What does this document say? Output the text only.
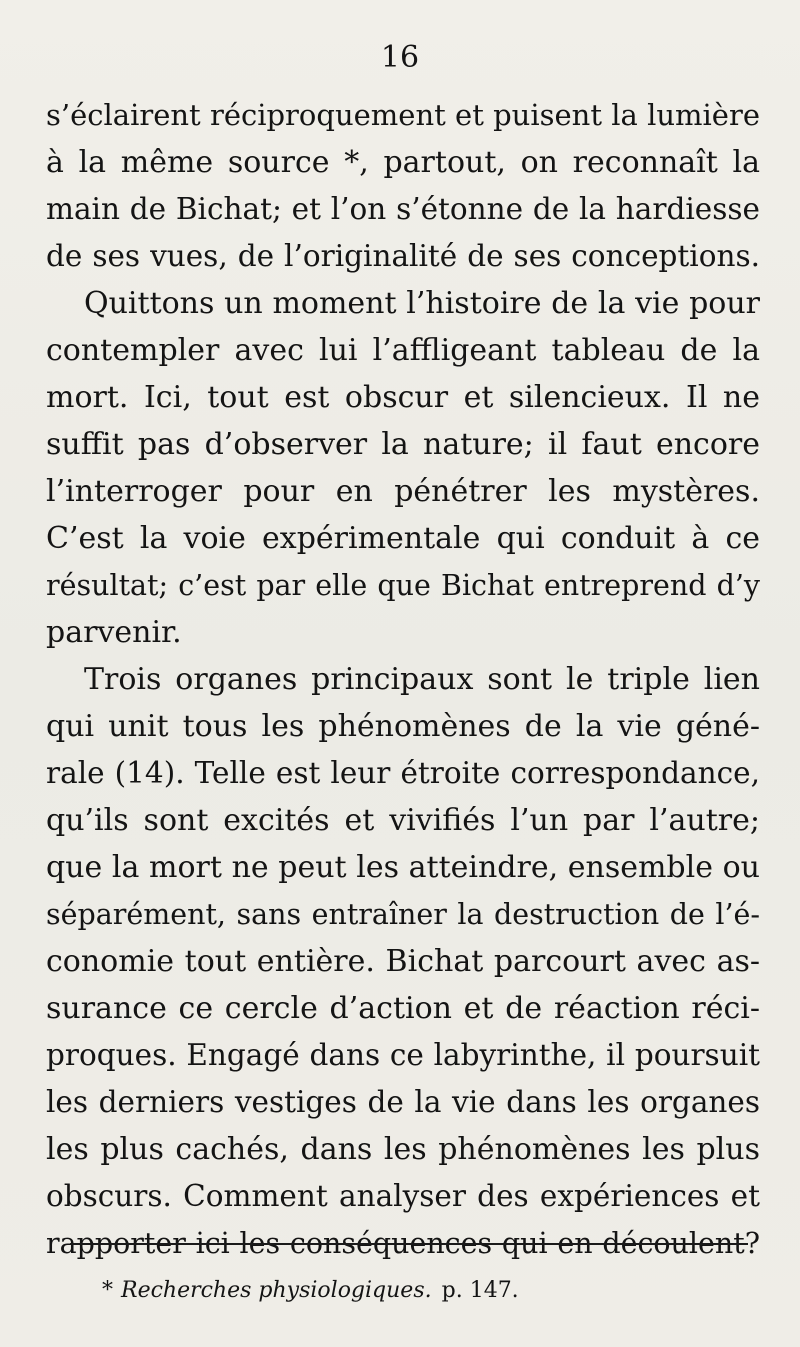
16
s’éclairent réciproquement et puisent la lumière
à la même source *, partout, on reconnaît la
main de Bichat; et l’on s’étonne de la hardiesse
de ses vues, de l’originalité de ses conceptions.
Quittons un moment l’histoire de la vie pour
contempler avec lui l’affligeant tableau de la
mort. Ici, tout est obscur et silencieux. Il ne
suffit pas d’observer la nature; il faut encore
l’interroger pour en pénétrer les mystères.
C’est la voie expérimentale qui conduit à ce
résultat; c’est par elle que Bichat entreprend d’y
parvenir.
Trois organes principaux sont le triple lien
qui unit tous les phénomènes de la vie géné-
rale (14). Telle est leur étroite correspondance,
qu’ils sont excités et vivifiés l’un par l’autre;
que la mort ne peut les atteindre, ensemble ou
séparément, sans entraîner la destruction de l’é-
conomie tout entière. Bichat parcourt avec as-
surance ce cercle d’action et de réaction réci-
proques. Engagé dans ce labyrinthe, il poursuit
les derniers vestiges de la vie dans les organes
les plus cachés, dans les phénomènes les plus
obscurs. Comment analyser des expériences et
rapporter ici les conséquences qui en découlent?
* Recherches physiologiques. p. 147.
